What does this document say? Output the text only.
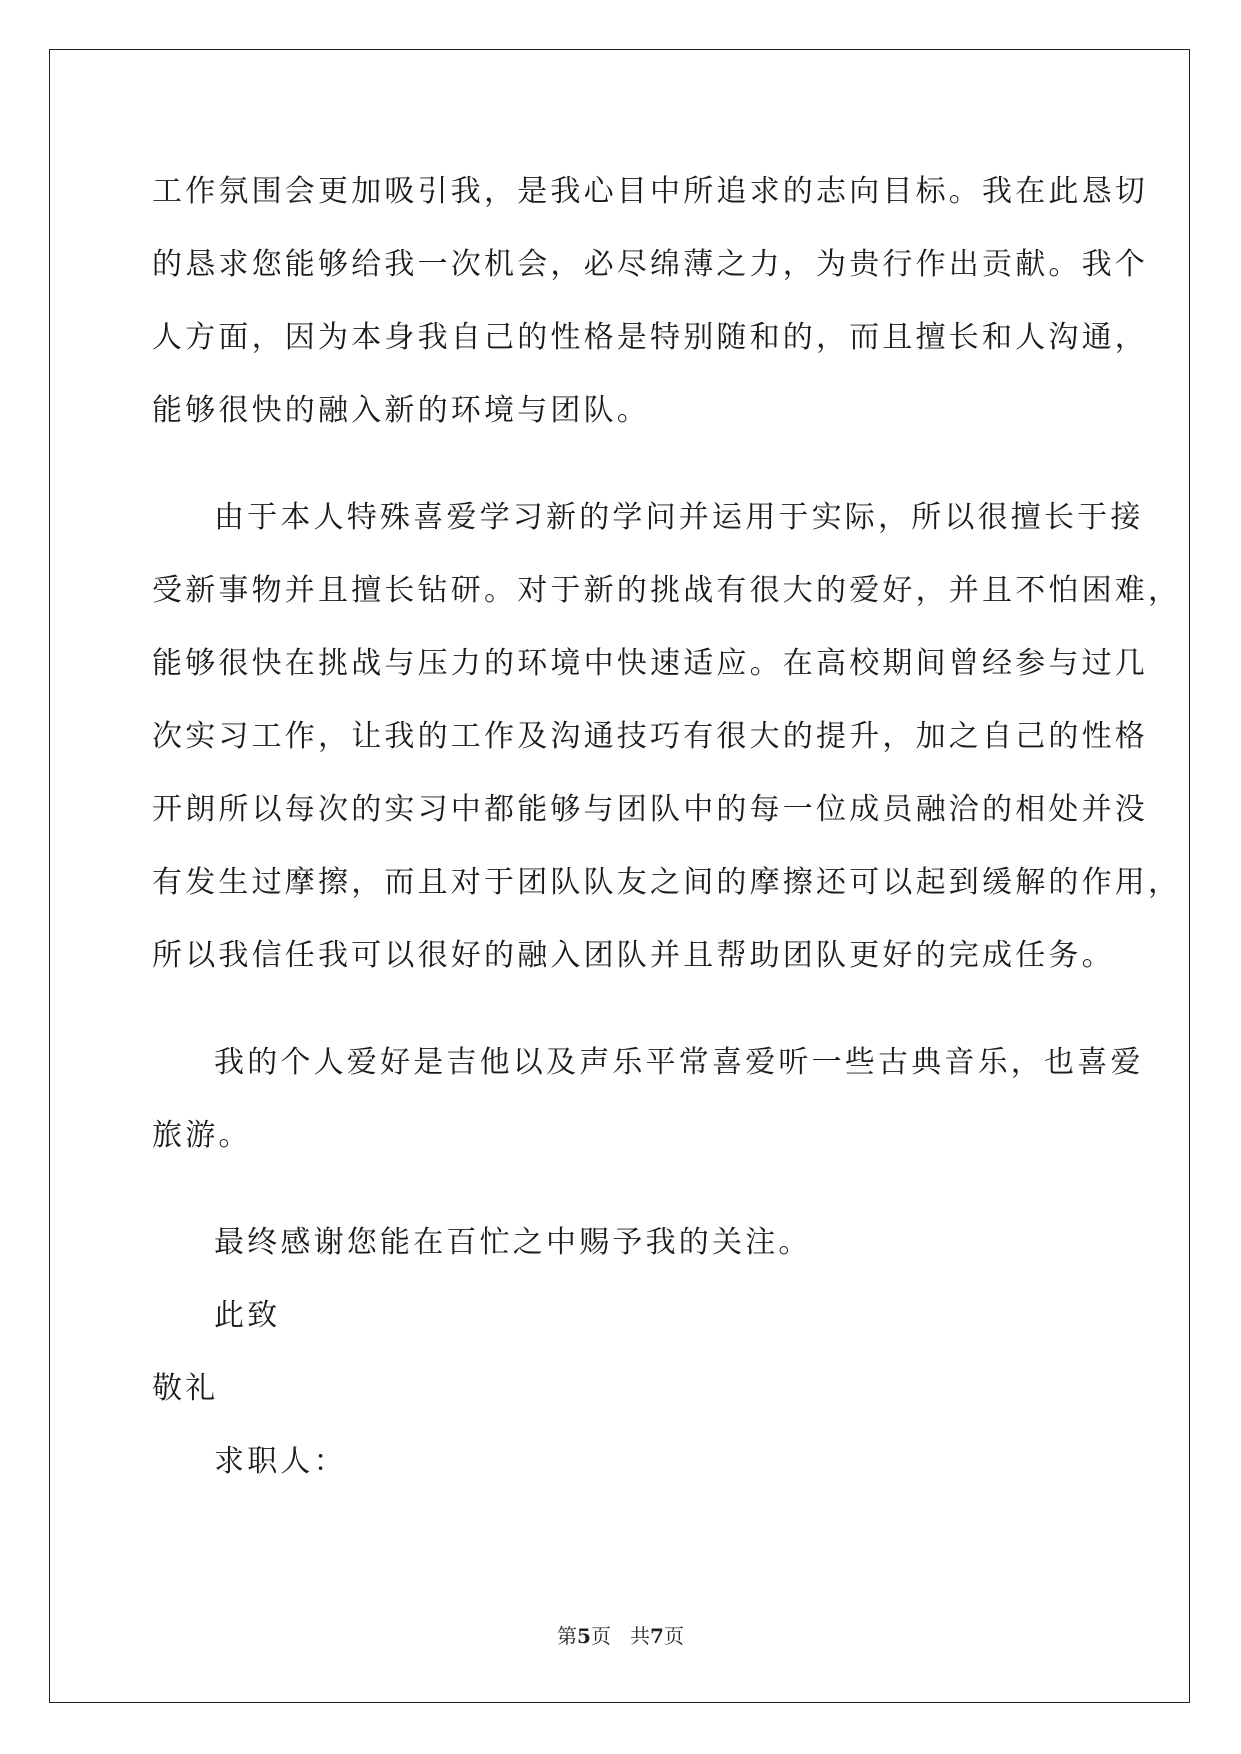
工作氛围会更加吸引我，是我心目中所追求的志向目标。我在此恳切
的恳求您能够给我一次机会，必尽绵薄之力，为贵行作出贡献。我个
人方面，因为本身我自己的性格是特别随和的，而且擅长和人沟通，
能够很快的融入新的环境与团队。
由于本人特殊喜爱学习新的学问并运用于实际，所以很擅长于接
受新事物并且擅长钻研。对于新的挑战有很大的爱好，并且不怕困难，
能够很快在挑战与压力的环境中快速适应。在高校期间曾经参与过几
次实习工作，让我的工作及沟通技巧有很大的提升，加之自己的性格
开朗所以每次的实习中都能够与团队中的每一位成员融洽的相处并没
有发生过摩擦，而且对于团队队友之间的摩擦还可以起到缓解的作用，
所以我信任我可以很好的融入团队并且帮助团队更好的完成任务。
我的个人爱好是吉他以及声乐平常喜爱听一些古典音乐，也喜爱
旅游。
最终感谢您能在百忙之中赐予我的关注。
此致
敬礼
求职人：
第5页   共7页
